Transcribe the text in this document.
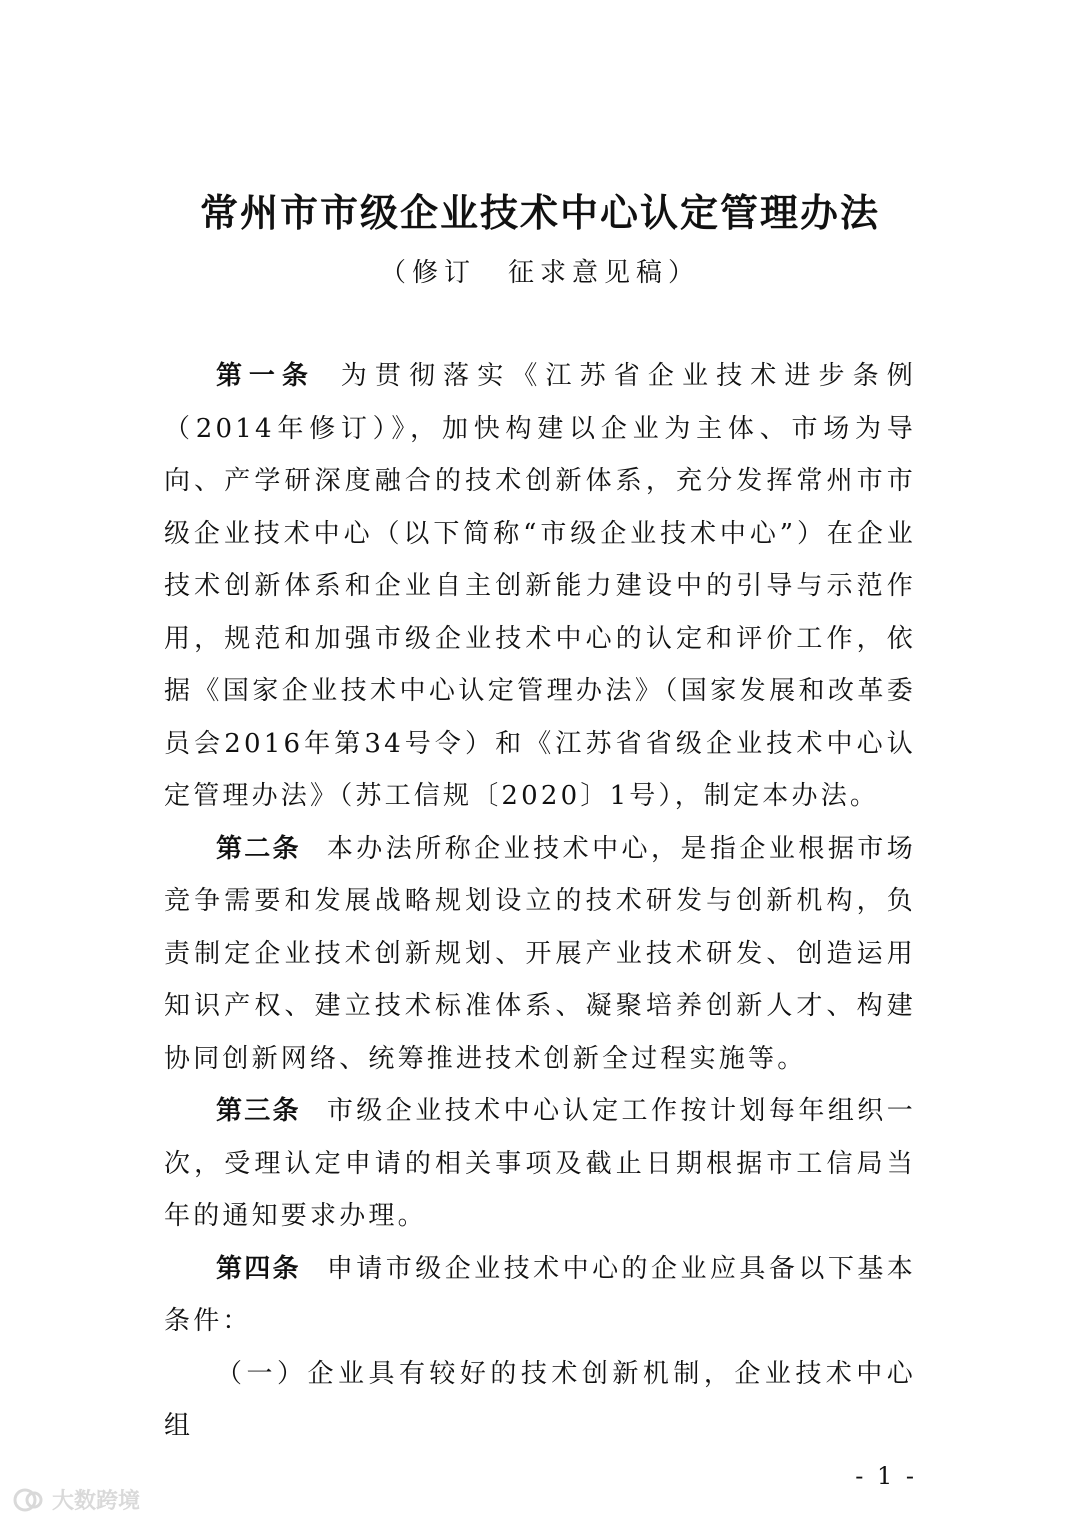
常州市市级企业技术中心认定管理办法
（修订　征求意见稿）

第一条 为贯彻落实《江苏省企业技术进步条例（2014年修订）》，加快构建以企业为主体、市场为导向、产学研深度融合的技术创新体系，充分发挥常州市市级企业技术中心（以下简称“市级企业技术中心”）在企业技术创新体系和企业自主创新能力建设中的引导与示范作用，规范和加强市级企业技术中心的认定和评价工作，依据《国家企业技术中心认定管理办法》（国家发展和改革委员会2016年第34号令）和《江苏省省级企业技术中心认定管理办法》（苏工信规〔2020〕1号），制定本办法。

第二条 本办法所称企业技术中心，是指企业根据市场竞争需要和发展战略规划设立的技术研发与创新机构，负责制定企业技术创新规划、开展产业技术研发、创造运用知识产权、建立技术标准体系、凝聚培养创新人才、构建协同创新网络、统筹推进技术创新全过程实施等。

第三条 市级企业技术中心认定工作按计划每年组织一次，受理认定申请的相关事项及截止日期根据市工信局当年的通知要求办理。

第四条 申请市级企业技术中心的企业应具备以下基本条件：

（一）企业具有较好的技术创新机制，企业技术中心组

- 1 -
大数跨境
